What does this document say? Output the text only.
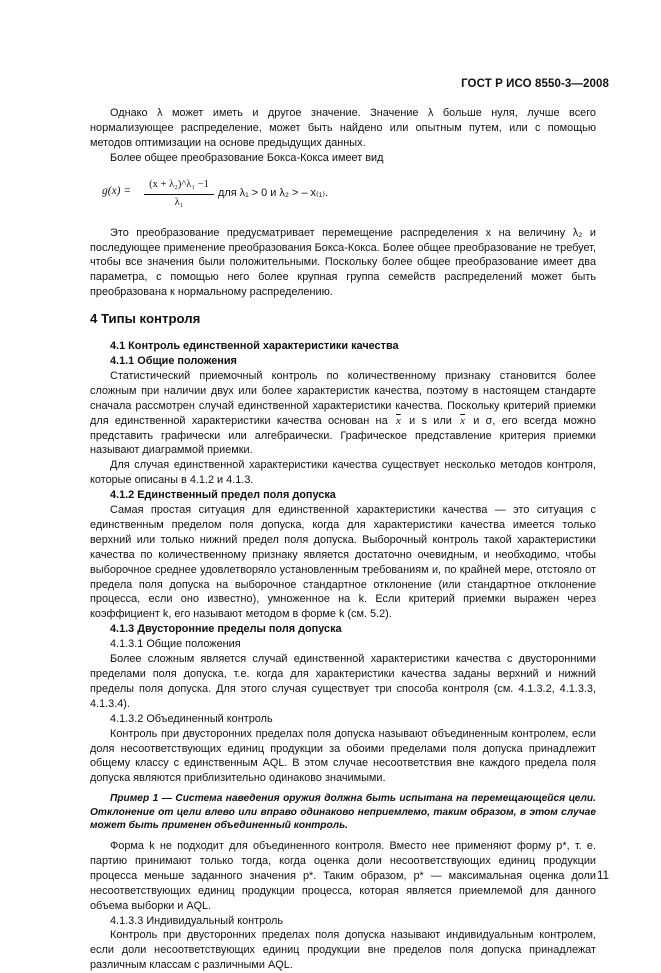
ГОСТ Р ИСО 8550-3—2008

Однако λ может иметь и другое значение. Значение λ больше нуля, лучше всего нормализующее распределение, может быть найдено или опытным путем, или с помощью методов оптимизации на основе предыдущих данных.

Более общее преобразование Бокса-Кокса имеет вид

$g(x) = \frac{\text{(x + λ₂)\textasciicircum{}λ₁ −1}}{\text{λ₁}}$ для λ₁ > 0 и λ₂ > – x₍₁₎.

Это преобразование предусматривает перемещение распределения x на величину λ₂ и последующее применение преобразования Бокса-Кокса. Более общее преобразование не требует, чтобы все значения были положительными. Поскольку более общее преобразование имеет два параметра, с помощью него более крупная группа семейств распределений может быть преобразована к нормальному распределению.

4 Типы контроля

4.1 Контроль единственной характеристики качества

4.1.1 Общие положения

Статистический приемочный контроль по количественному признаку становится более сложным при наличии двух или более характеристик качества, поэтому в настоящем стандарте сначала рассмотрен случай единственной характеристики качества. Поскольку критерий приемки для единственной характеристики качества основан на $\overline{x}$ и s или $\overline{x}$ и σ, его всегда можно представить графически или алгебраически. Графическое представление критерия приемки называют диаграммой приемки.

Для случая единственной характеристики качества существует несколько методов контроля, которые описаны в 4.1.2 и 4.1.3.

4.1.2 Единственный предел поля допуска

Самая простая ситуация для единственной характеристики качества — это ситуация с единственным пределом поля допуска, когда для характеристики качества имеется только верхний или только нижний предел поля допуска. Выборочный контроль такой характеристики качества по количественному признаку является достаточно очевидным, и необходимо, чтобы выборочное среднее удовлетворяло установленным требованиям и, по крайней мере, отстояло от предела поля допуска на выборочное стандартное отклонение (или стандартное отклонение процесса, если оно известно), умноженное на k. Если критерий приемки выражен через коэффициент k, его называют методом в форме k (см. 5.2).

4.1.3 Двусторонние пределы поля допуска

4.1.3.1 Общие положения

Более сложным является случай единственной характеристики качества с двусторонними пределами поля допуска, т.е. когда для характеристики качества заданы верхний и нижний пределы поля допуска. Для этого случая существует три способа контроля (см. 4.1.3.2, 4.1.3.3, 4.1.3.4).

4.1.3.2 Объединенный контроль

Контроль при двусторонних пределах поля допуска называют объединенным контролем, если доля несоответствующих единиц продукции за обоими пределами поля допуска принадлежит общему классу с единственным AQL. В этом случае несоответствия вне каждого предела поля допуска являются приблизительно одинаково значимыми.

Пример 1 — Система наведения оружия должна быть испытана на перемещающейся цели. Отклонение от цели влево или вправо одинаково неприемлемо, таким образом, в этом случае может быть применен объединенный контроль.

Форма k не подходит для объединенного контроля. Вместо нее применяют форму p*, т. е. партию принимают только тогда, когда оценка доли несоответствующих единиц продукции процесса меньше заданного значения p*. Таким образом, p* — максимальная оценка доли несоответствующих единиц продукции процесса, которая является приемлемой для данного объема выборки и AQL.

4.1.3.3 Индивидуальный контроль

Контроль при двусторонних пределах поля допуска называют индивидуальным контролем, если доли несоответствующих единиц продукции вне пределов поля допуска принадлежат различным классам с различными AQL.

11
